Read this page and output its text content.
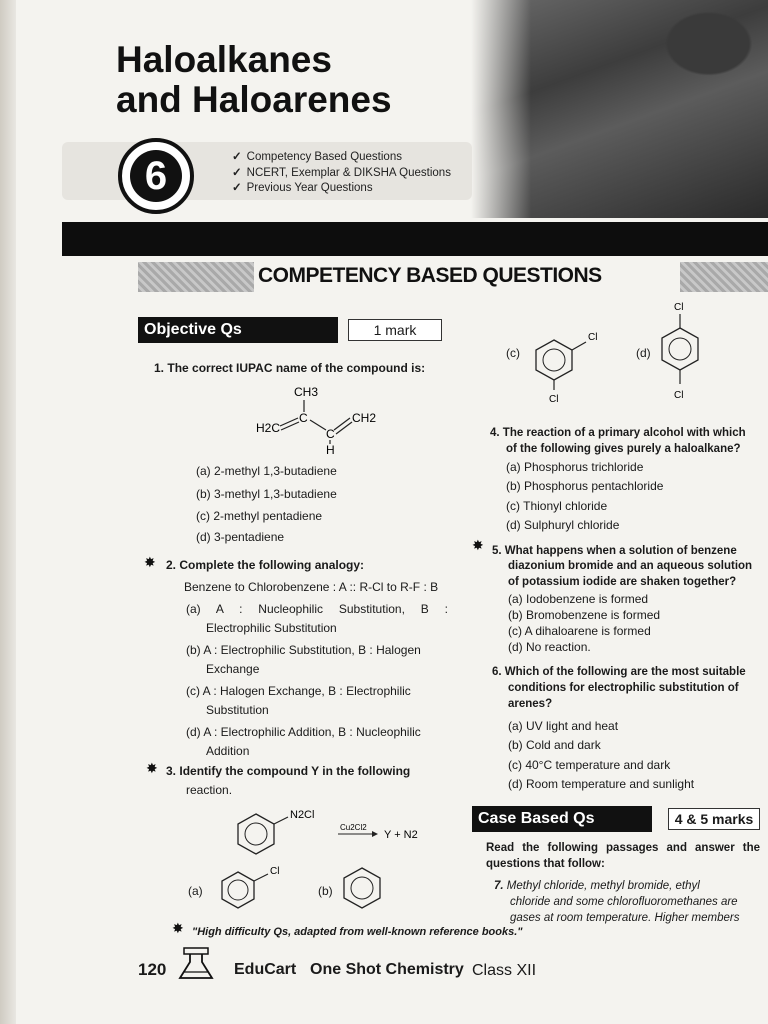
Haloalkanes
and Haloarenes
6	✓ Competency Based Questions
✓ NCERT, Exemplar & DIKSHA Questions
✓ Previous Year Questions
COMPETENCY BASED QUESTIONS
Objective Qs	1 mark
1. The correct IUPAC name of the compound is:
CH3
C
H2C	C
CH2
H
(a) 2-methyl 1,3-butadiene
(b) 3-methyl 1,3-butadiene
(c) 2-methyl pentadiene
(d) 3-pentadiene
✸ 2. Complete the following analogy:
Benzene to Chlorobenzene : A :: R-Cl to R-F : B
(a) A : Nucleophilic Substitution, B :
Electrophilic Substitution
(b) A : Electrophilic Substitution, B : Halogen
Exchange
(c) A : Halogen Exchange, B : Electrophilic
Substitution
(d) A : Electrophilic Addition, B : Nucleophilic
Addition
✸ 3. Identify the compound Y in the following
reaction.
N2Cl
Cu2Cl2
Y + N2
(a)
Cl
(b)
(c)
Cl
Cl
(d)
Cl
Cl
4. The reaction of a primary alcohol with which
of the following gives purely a haloalkane?
(a) Phosphorus trichloride
(b) Phosphorus pentachloride
(c) Thionyl chloride
(d) Sulphuryl chloride
✸ 5. What happens when a solution of benzene
diazonium bromide and an aqueous solution
of potassium iodide are shaken together?
(a) Iodobenzene is formed
(b) Bromobenzene is formed
(c) A dihaloarene is formed
(d) No reaction.
6. Which of the following are the most suitable
conditions for electrophilic substitution of
arenes?
(a) UV light and heat
(b) Cold and dark
(c) 40°C temperature and dark
(d) Room temperature and sunlight
Case Based Qs	4 & 5 marks
Read the following passages and answer the
questions that follow:
7. Methyl chloride, methyl bromide, ethyl
chloride and some chlorofluoromethanes are
gases at room temperature. Higher members
✸ "High difficulty Qs, adapted from well-known reference books."
120	EduCart One Shot Chemistry Class XII
